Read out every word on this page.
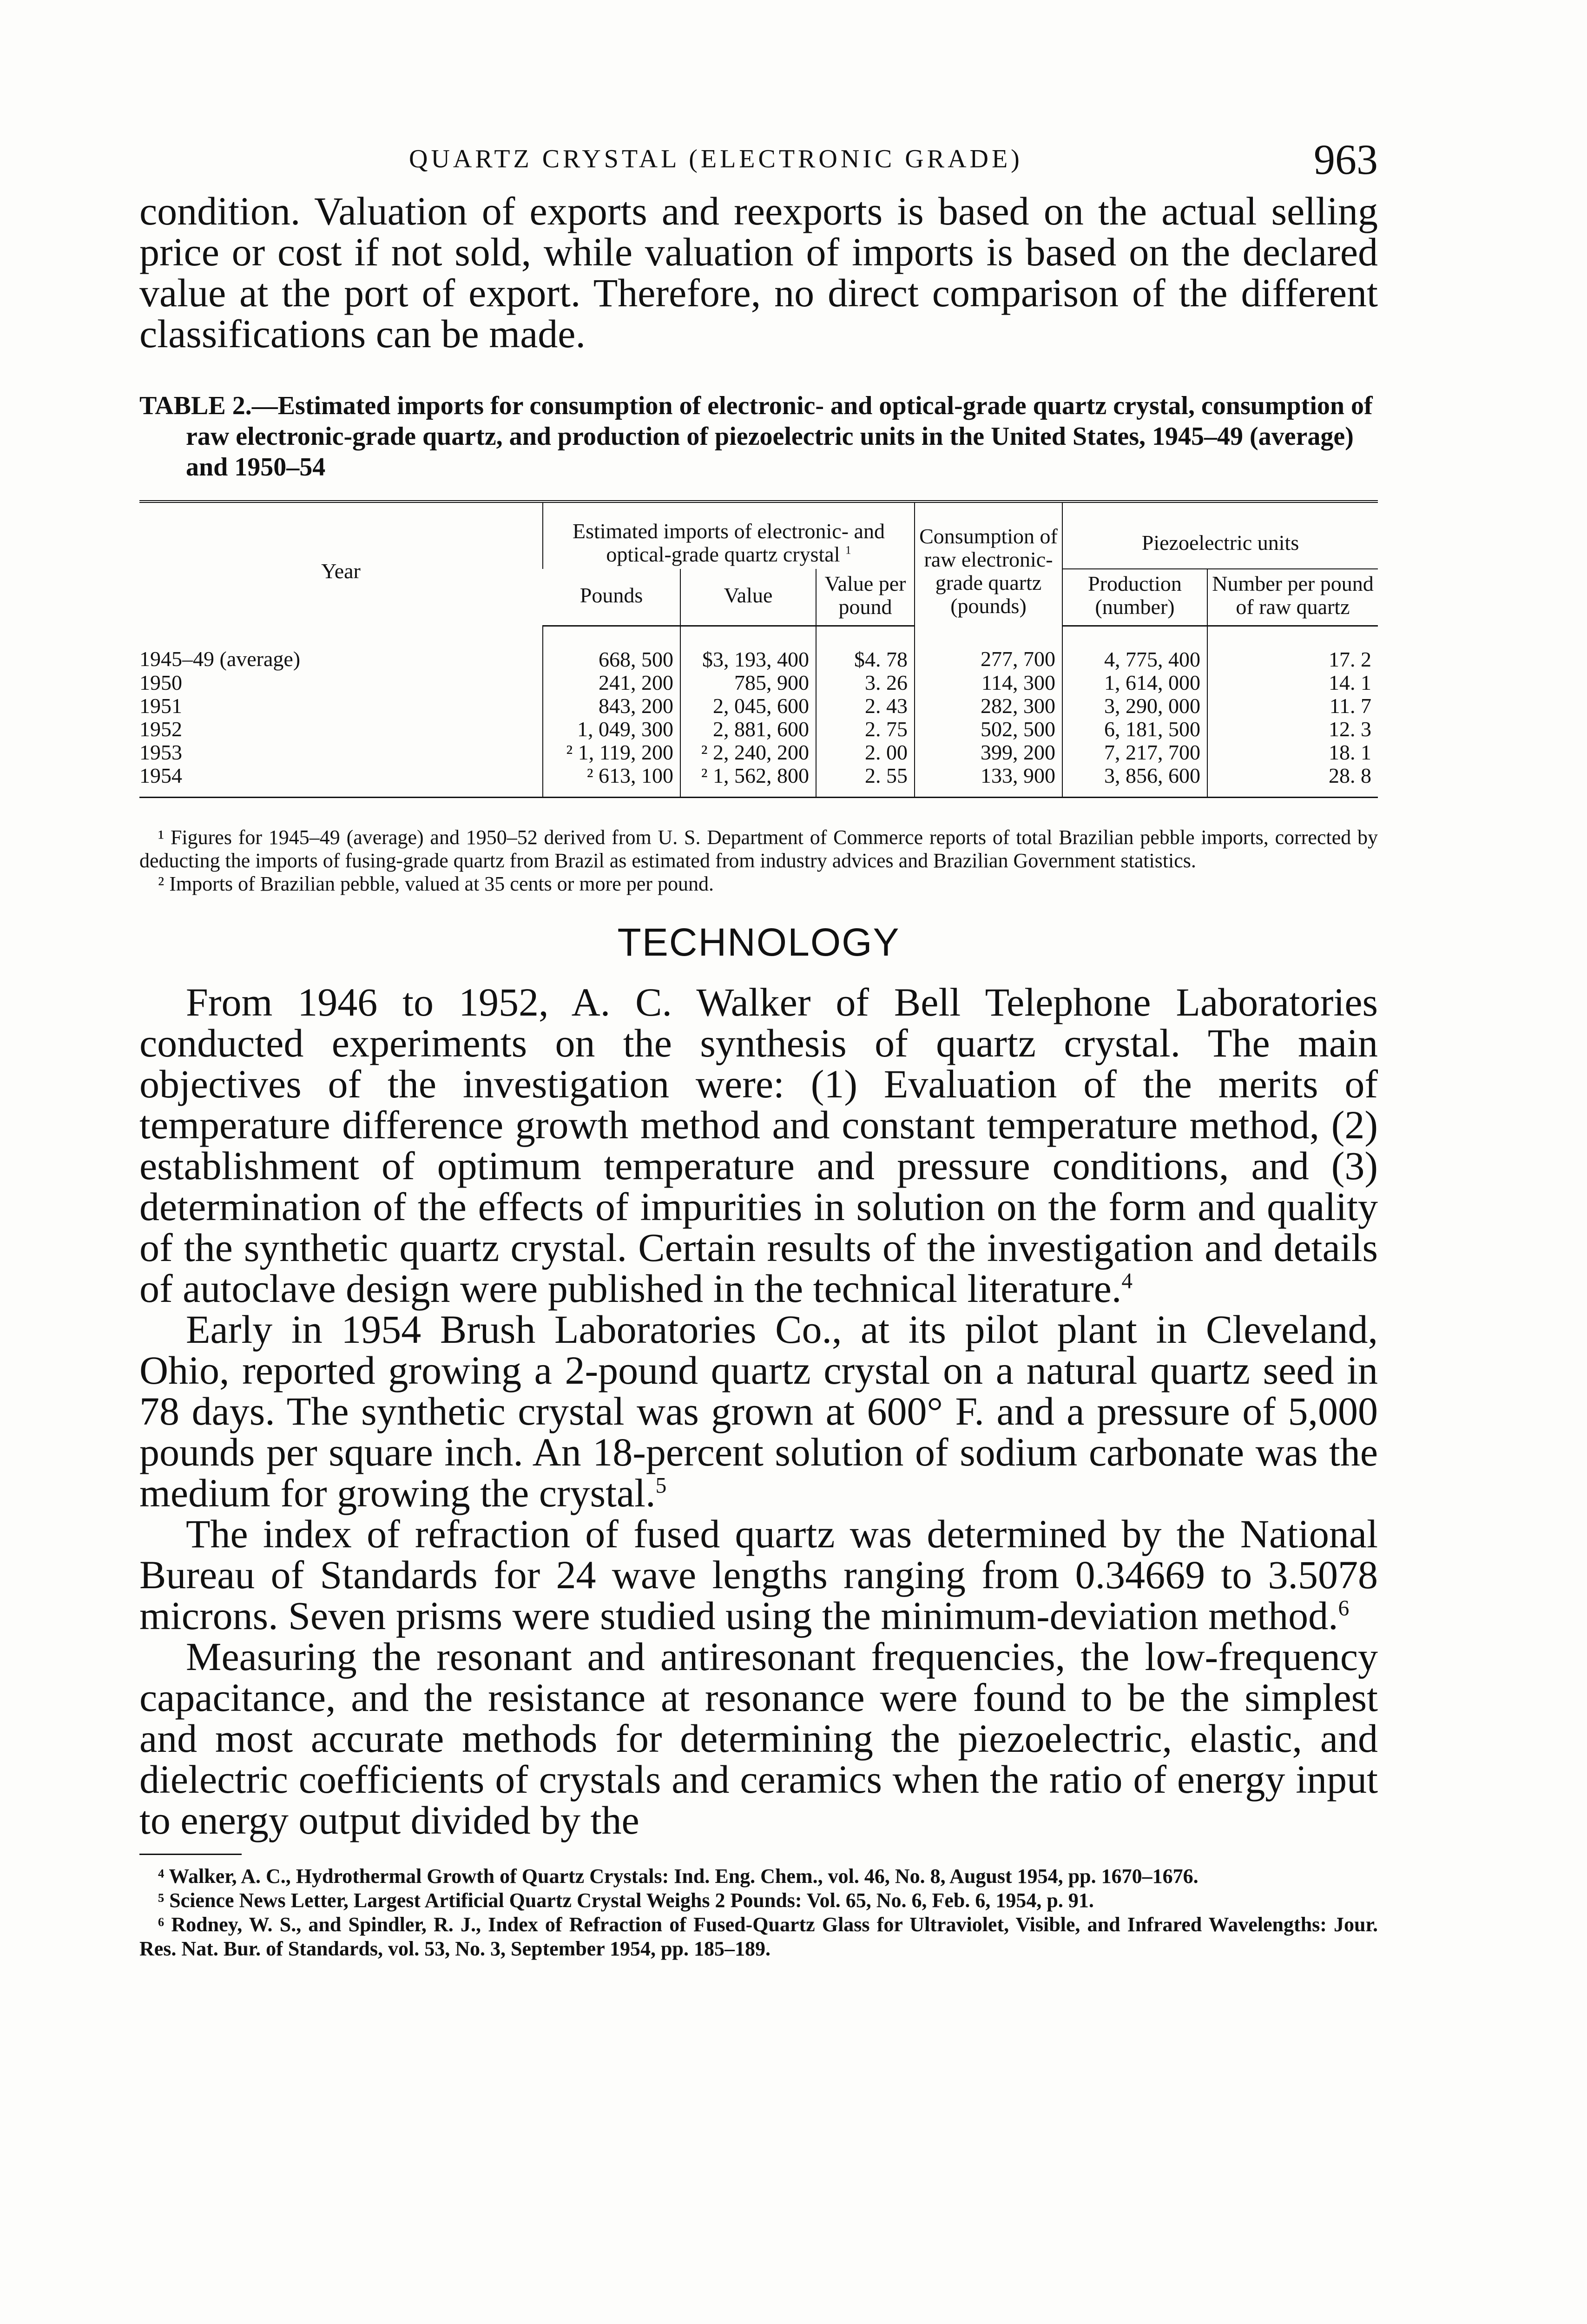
QUARTZ CRYSTAL (ELECTRONIC GRADE)	963

condition. Valuation of exports and reexports is based on the actual selling price or cost if not sold, while valuation of imports is based on the declared value at the port of export. Therefore, no direct comparison of the different classifications can be made.

TABLE 2.—Estimated imports for consumption of electronic- and optical-grade quartz crystal, consumption of raw electronic-grade quartz, and production of piezoelectric units in the United States, 1945–49 (average) and 1950–54
Year	Estimated imports of electronic- and optical-grade quartz crystal $^1$			Consumption of raw electronic-grade quartz (pounds)	Piezoelectric units	
	Pounds	Value	Value per pound		Production (number)	Number per pound of raw quartz
1945–49 (average)	668, 500	$3, 193, 400	$4. 78	277, 700	4, 775, 400	17. 2
1950	241, 200	785, 900	3. 26	114, 300	1, 614, 000	14. 1
1951	843, 200	2, 045, 600	2. 43	282, 300	3, 290, 000	11. 7
1952	1, 049, 300	2, 881, 600	2. 75	502, 500	6, 181, 500	12. 3
1953	² 1, 119, 200	² 2, 240, 200	2. 00	399, 200	7, 217, 700	18. 1
1954	² 613, 100	² 1, 562, 800	2. 55	133, 900	3, 856, 600	28. 8

¹ Figures for 1945–49 (average) and 1950–52 derived from U. S. Department of Commerce reports of total Brazilian pebble imports, corrected by deducting the imports of fusing-grade quartz from Brazil as estimated from industry advices and Brazilian Government statistics.

² Imports of Brazilian pebble, valued at 35 cents or more per pound.

TECHNOLOGY

From 1946 to 1952, A. C. Walker of Bell Telephone Laboratories conducted experiments on the synthesis of quartz crystal. The main objectives of the investigation were: (1) Evaluation of the merits of temperature difference growth method and constant temperature method, (2) establishment of optimum temperature and pressure conditions, and (3) determination of the effects of impurities in solution on the form and quality of the synthetic quartz crystal. Certain results of the investigation and details of autoclave design were published in the technical literature.$^4$

Early in 1954 Brush Laboratories Co., at its pilot plant in Cleveland, Ohio, reported growing a 2-pound quartz crystal on a natural quartz seed in 78 days. The synthetic crystal was grown at 600° F. and a pressure of 5,000 pounds per square inch. An 18-percent solution of sodium carbonate was the medium for growing the crystal.$^5$

The index of refraction of fused quartz was determined by the National Bureau of Standards for 24 wave lengths ranging from 0.34669 to 3.5078 microns. Seven prisms were studied using the minimum-deviation method.$^6$

Measuring the resonant and antiresonant frequencies, the low-frequency capacitance, and the resistance at resonance were found to be the simplest and most accurate methods for determining the piezoelectric, elastic, and dielectric coefficients of crystals and ceramics when the ratio of energy input to energy output divided by the

⁴ Walker, A. C., Hydrothermal Growth of Quartz Crystals: Ind. Eng. Chem., vol. 46, No. 8, August 1954, pp. 1670–1676.

⁵ Science News Letter, Largest Artificial Quartz Crystal Weighs 2 Pounds: Vol. 65, No. 6, Feb. 6, 1954, p. 91.

⁶ Rodney, W. S., and Spindler, R. J., Index of Refraction of Fused-Quartz Glass for Ultraviolet, Visible, and Infrared Wavelengths: Jour. Res. Nat. Bur. of Standards, vol. 53, No. 3, September 1954, pp. 185–189.
